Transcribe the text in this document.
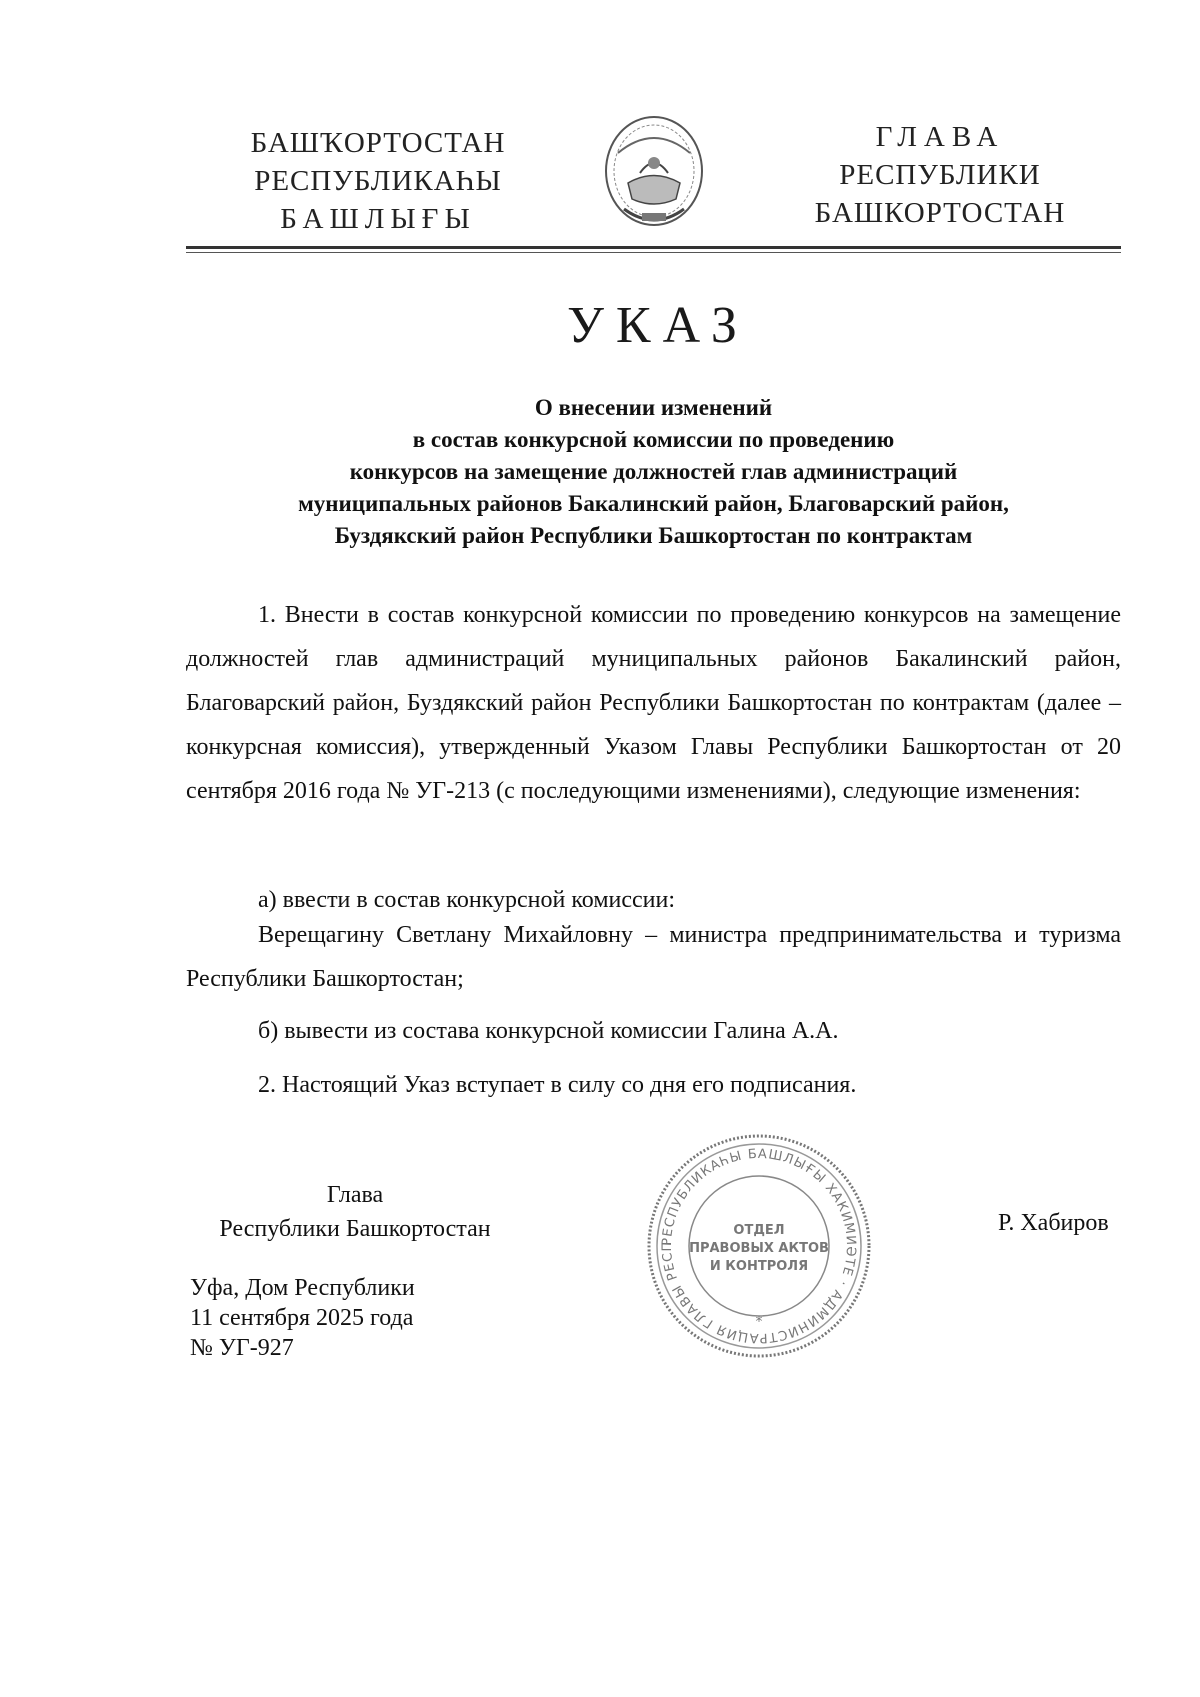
БАШҠОРТОСТАН
РЕСПУБЛИКАҺЫ
БАШЛЫҒЫ
ГЛАВА
РЕСПУБЛИКИ
БАШКОРТОСТАН
УКАЗ
О внесении изменений
в состав конкурсной комиссии по проведению
конкурсов на замещение должностей глав администраций
муниципальных районов Бакалинский район, Благоварский район,
Буздякский район Республики Башкортостан по контрактам
1. Внести в состав конкурсной комиссии по проведению конкурсов на замещение должностей глав администраций муниципальных районов Бакалинский район, Благоварский район, Буздякский район Республики Башкортостан по контрактам (далее – конкурсная комиссия), утвержденный Указом Главы Республики Башкортостан от 20 сентября 2016 года № УГ-213 (с последующими изменениями), следующие изменения:
а) ввести в состав конкурсной комиссии:
Верещагину Светлану Михайловну – министра предпринимательства и туризма Республики Башкортостан;
б) вывести из состава конкурсной комиссии Галина А.А.
2. Настоящий Указ вступает в силу со дня его подписания.
Глава
Республики Башкортостан	РЕСПУБЛИКАҺЫ БАШЛЫҒЫ ХАКИМИӘТЕ · АДМИНИСТРАЦИЯ ГЛАВЫ РЕСП
ОТДЕЛ
ПРАВОВЫХ АКТОВ
И КОНТРОЛЯ
*
Р. Хабиров
Уфа, Дом Республики
11 сентября 2025 года
№ УГ-927
